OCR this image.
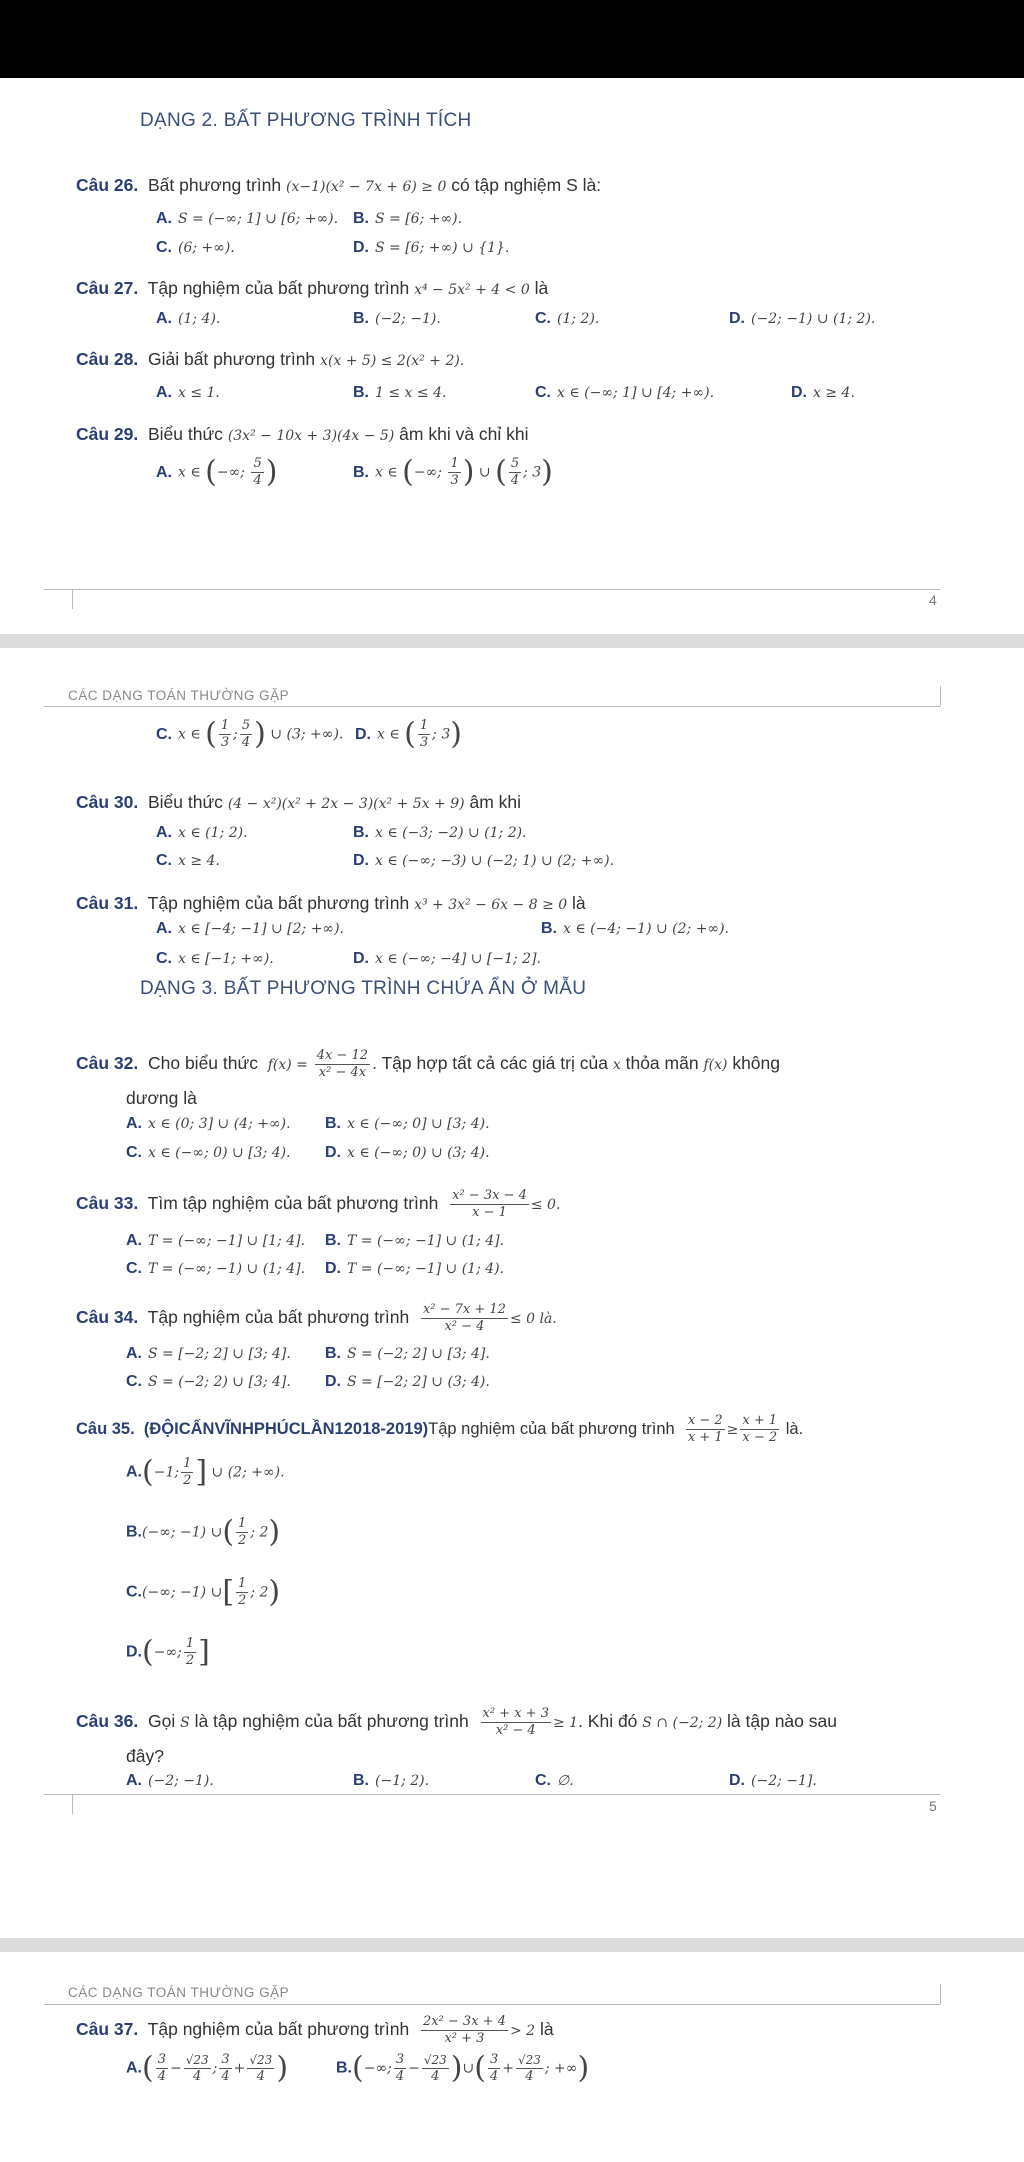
DẠNG 2. BẤT PHƯƠNG TRÌNH TÍCH
Câu 26. Bất phương trình (x−1)(x² − 7x + 6) ≥ 0 có tập nghiệm S là:
A. S = (−∞; 1] ∪ [6; +∞). B. S = [6; +∞).
C. (6; +∞).	D. S = [6; +∞) ∪ {1}.
Câu 27. Tập nghiệm của bất phương trình x⁴ − 5x² + 4 < 0 là
A. (1; 4).	B. (−2; −1).	C. (1; 2).	D. (−2; −1) ∪ (1; 2).
Câu 28. Giải bất phương trình x(x + 5) ≤ 2(x² + 2).
A. x ≤ 1.	B. 1 ≤ x ≤ 4.	C. x ∈ (−∞; 1] ∪ [4; +∞).	D. x ≥ 4.
Câu 29. Biểu thức (3x² − 10x + 3)(4x − 5) âm khi và chỉ khi
A. x ∈ (−∞; $\frac{5}{4}$ )	B. x ∈ (−∞; $\frac{1}{3}$ ) ∪ ( $\frac{5}{4}$ ; 3)
4
CÁC DẠNG TOÁN THƯỜNG GẶP
C. x ∈ ( $\frac{1}{3}$ ; $\frac{5}{4}$ ) ∪ (3; +∞). D. x ∈ ( $\frac{1}{3}$ ; 3)
Câu 30. Biểu thức (4 − x²)(x² + 2x − 3)(x² + 5x + 9) âm khi
A. x ∈ (1; 2).	B. x ∈ (−3; −2) ∪ (1; 2).
C. x ≥ 4.	D. x ∈ (−∞; −3) ∪ (−2; 1) ∪ (2; +∞).
Câu 31. Tập nghiệm của bất phương trình x³ + 3x² − 6x − 8 ≥ 0 là
A. x ∈ [−4; −1] ∪ [2; +∞).	B. x ∈ (−4; −1) ∪ (2; +∞).
C. x ∈ [−1; +∞).	D. x ∈ (−∞; −4] ∪ [−1; 2].
DẠNG 3. BẤT PHƯƠNG TRÌNH CHỨA ẨN Ở MẪU
Câu 32. Cho biểu thức $f(x) = \frac{4x - 12}{\text{x² − 4x}}$ . Tập hợp tất cả các giá trị của x thỏa mãn f(x) không
dương là
A. x ∈ (0; 3] ∪ (4; +∞). B. x ∈ (−∞; 0] ∪ [3; 4).
C. x ∈ (−∞; 0) ∪ [3; 4). D. x ∈ (−∞; 0) ∪ (3; 4).
Câu 33. Tìm tập nghiệm của bất phương trình $\frac{\text{x² − 3x − 4}}{x - 1} \le 0$.
A. T = (−∞; −1] ∪ [1; 4]. B. T = (−∞; −1] ∪ (1; 4].
C. T = (−∞; −1) ∪ (1; 4]. D. T = (−∞; −1] ∪ (1; 4).
Câu 34. Tập nghiệm của bất phương trình $\frac{\text{x² − 7x + 12}}{\text{x² − 4}} \le 0$ là.
A. S = [−2; 2] ∪ [3; 4]. B. S = (−2; 2] ∪ [3; 4].
C. S = (−2; 2) ∪ [3; 4]. D. S = [−2; 2] ∪ (3; 4).
Câu 35. (ĐỘICẤNVĨNHPHÚCLẦN12018-2019)Tập nghiệm của bất phương trình $\frac{x - 2}{x + 1} \ge \frac{x + 1}{x - 2}$ là.
A.(−1; $\frac{1}{2}$ ] ∪ (2; +∞).
B.(−∞; −1) ∪( $\frac{1}{2}$ ; 2)
C.(−∞; −1) ∪[ $\frac{1}{2}$ ; 2)
D.(−∞; $\frac{1}{2}$ ]
Câu 36. Gọi S là tập nghiệm của bất phương trình $\frac{\text{x² + x + 3}}{\text{x² − 4}} \ge 1$. Khi đó S ∩ (−2; 2) là tập nào sau
đây?
A. (−2; −1).	B. (−1; 2).	C. ∅.	D. (−2; −1].
5
CÁC DẠNG TOÁN THƯỜNG GẶP
Câu 37. Tập nghiệm của bất phương trình $\frac{\text{2x² − 3x + 4}}{\text{x² + 3}} > 2$ là
$A.( \frac{3}{4} - \frac{√23}{4}$ ; $\frac{3}{4} + \frac{√23}{4}$ )	B.(−∞; $\frac{3}{4} - \frac{√23}{4}$ )∪( $\frac{3}{4} + \frac{√23}{4}$ ; +∞)
